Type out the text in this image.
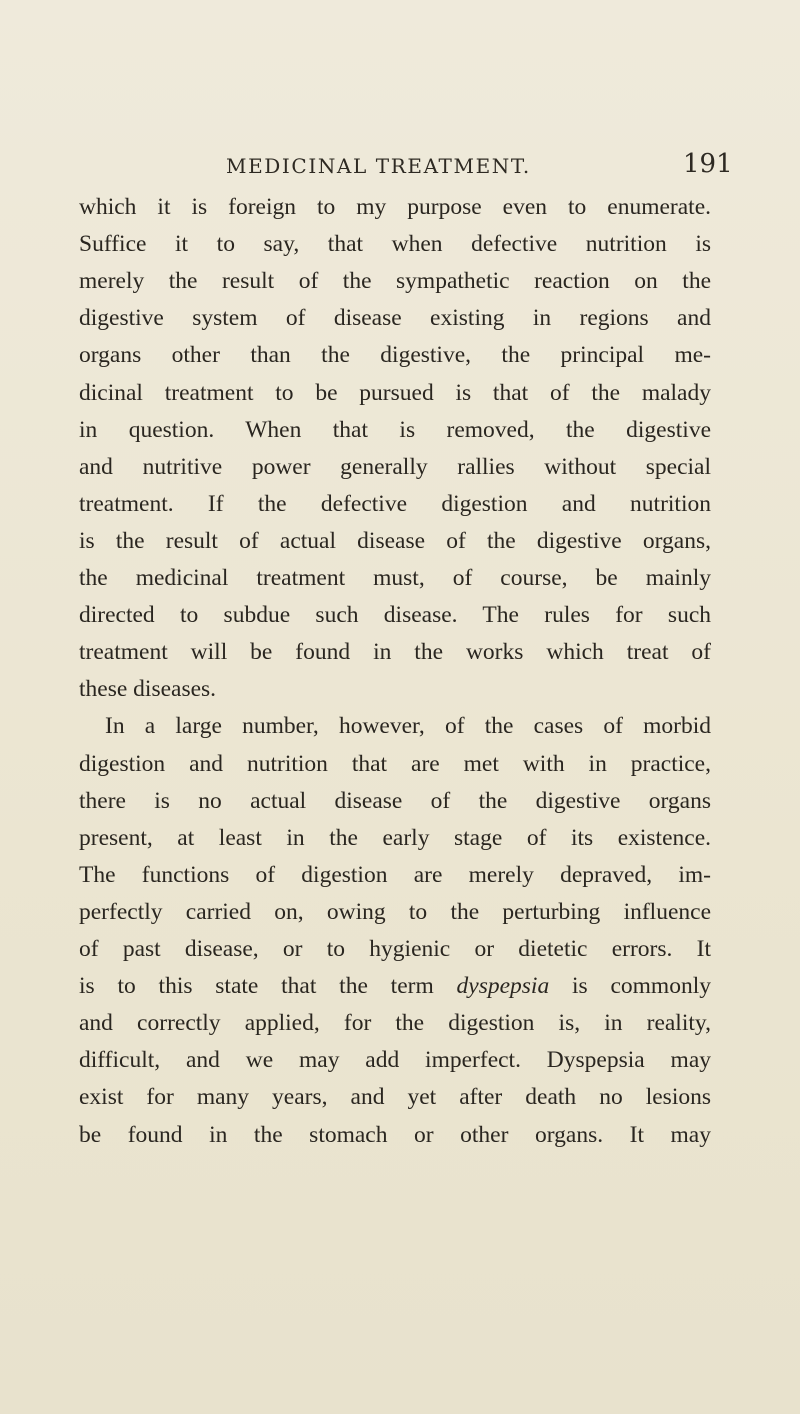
MEDICINAL TREATMENT.	191
which it is foreign to my purpose even to enumerate.
Suffice it to say, that when defective nutrition is
merely the result of the sympathetic reaction on the
digestive system of disease existing in regions and
organs other than the digestive, the principal me-
dicinal treatment to be pursued is that of the malady
in question. When that is removed, the digestive
and nutritive power generally rallies without special
treatment. If the defective digestion and nutrition
is the result of actual disease of the digestive organs,
the medicinal treatment must, of course, be mainly
directed to subdue such disease. The rules for such
treatment will be found in the works which treat of
these diseases.
In a large number, however, of the cases of morbid
digestion and nutrition that are met with in practice,
there is no actual disease of the digestive organs
present, at least in the early stage of its existence.
The functions of digestion are merely depraved, im-
perfectly carried on, owing to the perturbing influence
of past disease, or to hygienic or dietetic errors. It
is to this state that the term dyspepsia is commonly
and correctly applied, for the digestion is, in reality,
difficult, and we may add imperfect. Dyspepsia may
exist for many years, and yet after death no lesions
be found in the stomach or other organs. It may
